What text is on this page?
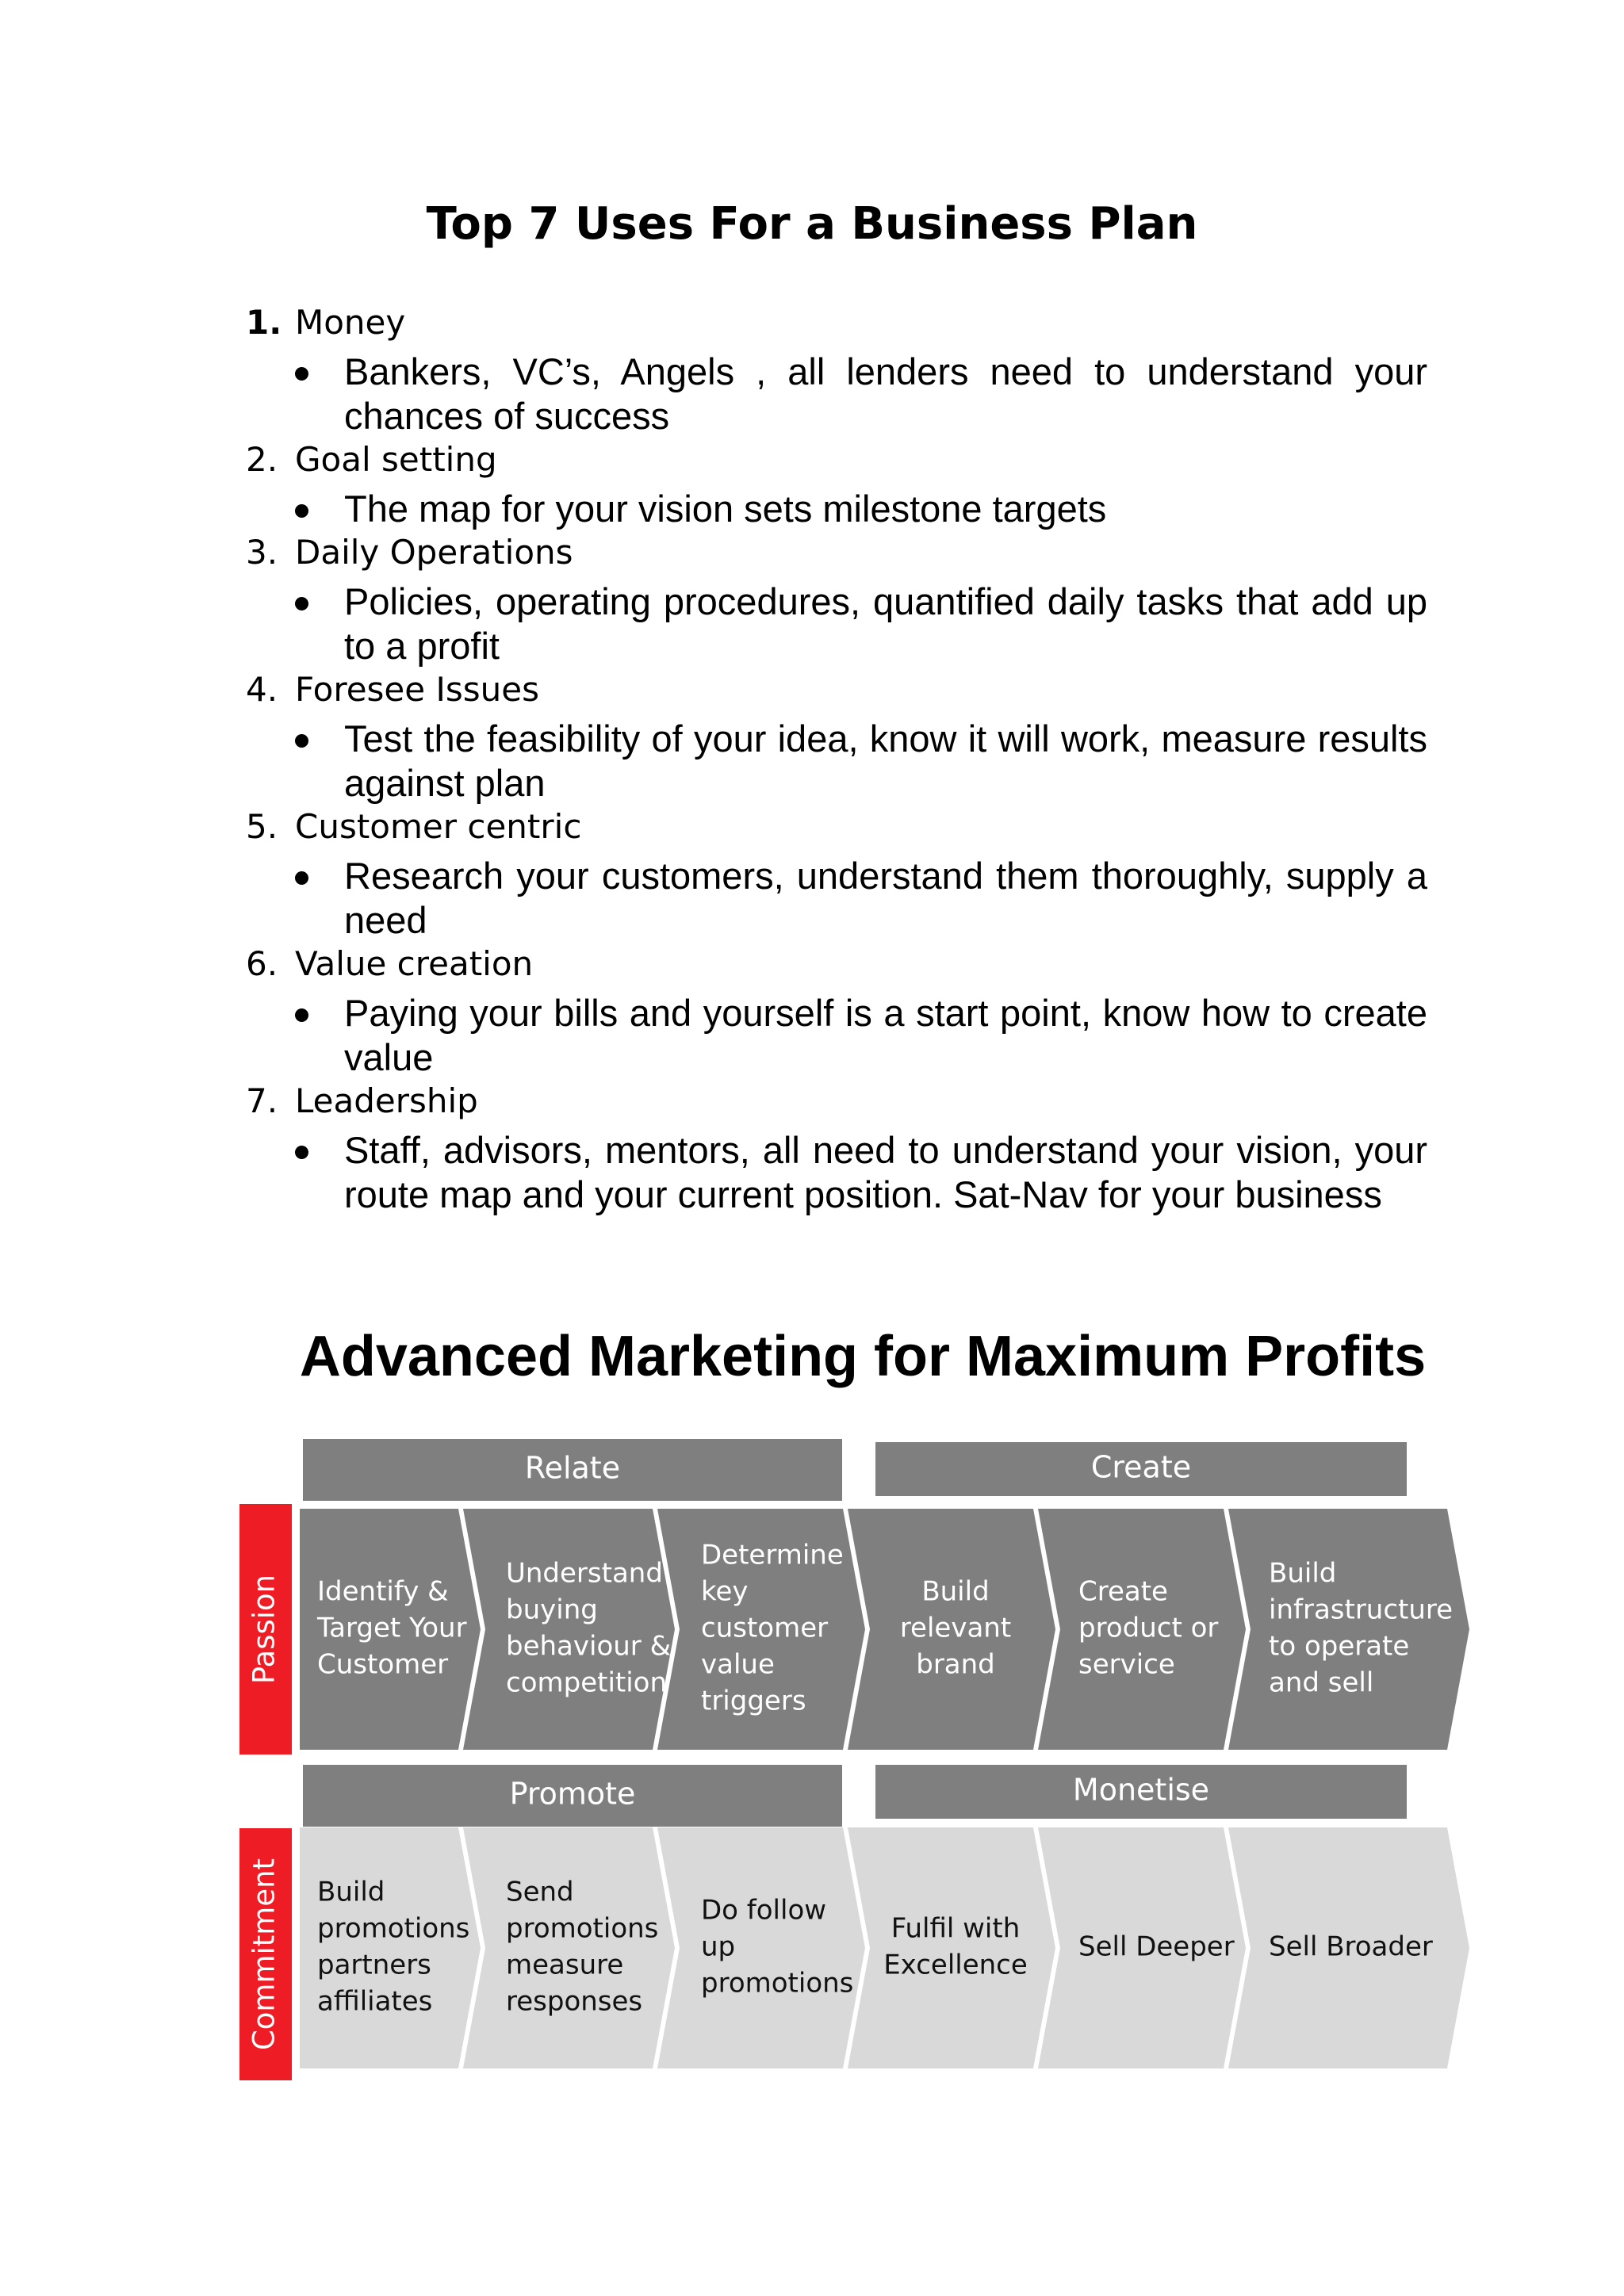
Top 7 Uses For a Business Plan
1. Money
Bankers, VC’s, Angels , all lenders need to understand your chances of success
2. Goal setting
The map for your vision sets milestone targets
3. Daily Operations
Policies, operating procedures, quantified daily tasks that add up to a profit
4. Foresee Issues
Test the feasibility of your idea, know it will work, measure results against plan
5. Customer centric
Research your customers, understand them thoroughly, supply a need
6. Value creation
Paying your bills and yourself is a start point, know how to create value
7. Leadership
Staff, advisors, mentors, all need to understand your vision, your route map and your current position. Sat-Nav for your business
Advanced Marketing for Maximum Profits
Passion
Relate	Create
Identify & Target Your Customer
Understand buying behaviour & competition
Determine key customer value triggers
Build relevant brand
Create product or service
Build infrastructure to operate and sell
Commitment
Promote	Monetise
Build promotions partners affiliates
Send promotions measure responses
Do follow up promotions
Fulfil with Excellence
Sell Deeper Sell Broader
